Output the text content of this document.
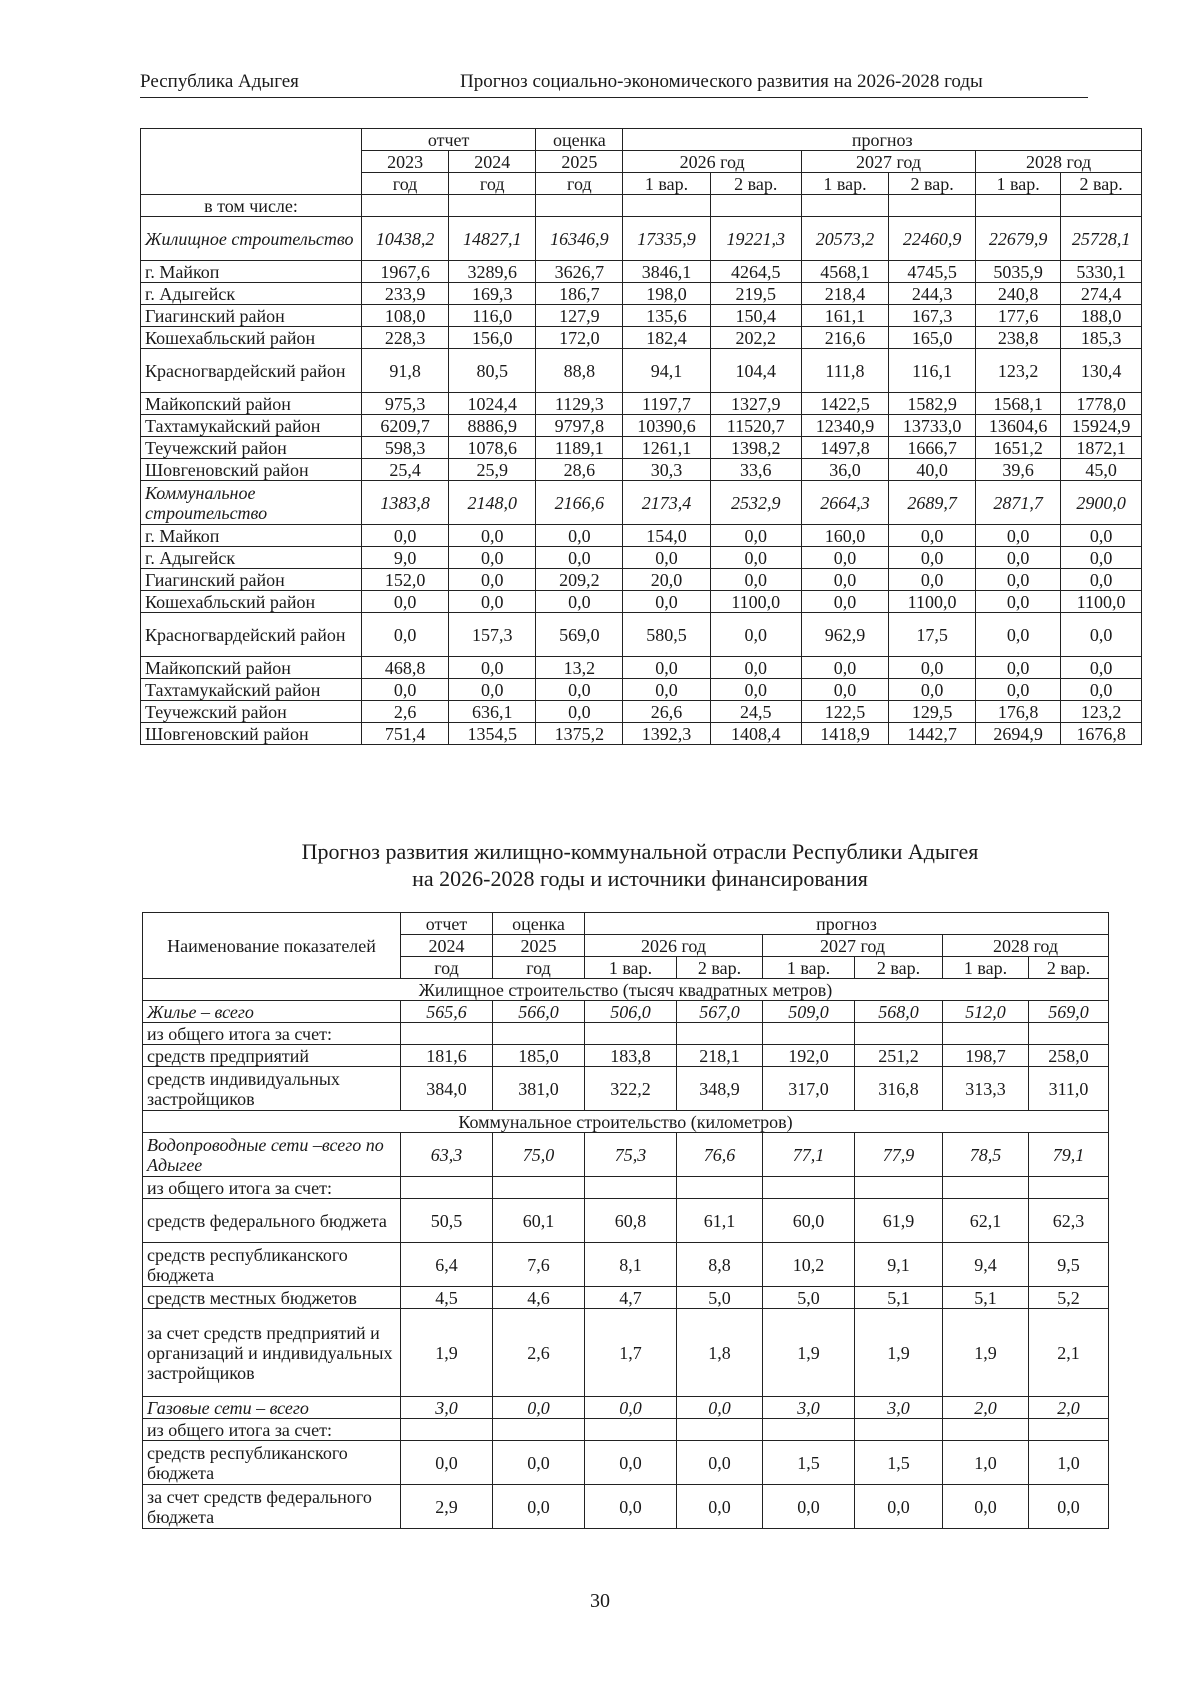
Республика Адыгея	Прогноз социально-экономического развития на 2026-2028 годы
	отчет		оценка	прогноз					
	2023	2024	2025	2026 год		2027 год		2028 год	
	год	год	год	1 вар.	2 вар.	1 вар.	2 вар.	1 вар.	2 вар.
в том числе:									
Жилищное строительство	10438,2	14827,1	16346,9	17335,9	19221,3	20573,2	22460,9	22679,9	25728,1
г. Майкоп	1967,6	3289,6	3626,7	3846,1	4264,5	4568,1	4745,5	5035,9	5330,1
г. Адыгейск	233,9	169,3	186,7	198,0	219,5	218,4	244,3	240,8	274,4
Гиагинский район	108,0	116,0	127,9	135,6	150,4	161,1	167,3	177,6	188,0
Кошехабльский район	228,3	156,0	172,0	182,4	202,2	216,6	165,0	238,8	185,3
Красногвардейский район	91,8	80,5	88,8	94,1	104,4	111,8	116,1	123,2	130,4
Майкопский район	975,3	1024,4	1129,3	1197,7	1327,9	1422,5	1582,9	1568,1	1778,0
Тахтамукайский район	6209,7	8886,9	9797,8	10390,6	11520,7	12340,9	13733,0	13604,6	15924,9
Теучежский район	598,3	1078,6	1189,1	1261,1	1398,2	1497,8	1666,7	1651,2	1872,1
Шовгеновский район	25,4	25,9	28,6	30,3	33,6	36,0	40,0	39,6	45,0
Коммунальное строительство	1383,8	2148,0	2166,6	2173,4	2532,9	2664,3	2689,7	2871,7	2900,0
г. Майкоп	0,0	0,0	0,0	154,0	0,0	160,0	0,0	0,0	0,0
г. Адыгейск	9,0	0,0	0,0	0,0	0,0	0,0	0,0	0,0	0,0
Гиагинский район	152,0	0,0	209,2	20,0	0,0	0,0	0,0	0,0	0,0
Кошехабльский район	0,0	0,0	0,0	0,0	1100,0	0,0	1100,0	0,0	1100,0
Красногвардейский район	0,0	157,3	569,0	580,5	0,0	962,9	17,5	0,0	0,0
Майкопский район	468,8	0,0	13,2	0,0	0,0	0,0	0,0	0,0	0,0
Тахтамукайский район	0,0	0,0	0,0	0,0	0,0	0,0	0,0	0,0	0,0
Теучежский район	2,6	636,1	0,0	26,6	24,5	122,5	129,5	176,8	123,2
Шовгеновский район	751,4	1354,5	1375,2	1392,3	1408,4	1418,9	1442,7	2694,9	1676,8
Прогноз развития жилищно-коммунальной отрасли Республики Адыгея
на 2026-2028 годы и источники финансирования
Наименование показателей	отчет	оценка	прогноз					
	2024	2025	2026 год		2027 год		2028 год	
	год	год	1 вар.	2 вар.	1 вар.	2 вар.	1 вар.	2 вар.
Жилищное строительство (тысяч квадратных метров)								
Жилье – всего	565,6	566,0	506,0	567,0	509,0	568,0	512,0	569,0
из общего итога за счет:								
средств предприятий	181,6	185,0	183,8	218,1	192,0	251,2	198,7	258,0
средств индивидуальных застройщиков	384,0	381,0	322,2	348,9	317,0	316,8	313,3	311,0
Коммунальное строительство (километров)								
Водопроводные сети –всего по Адыгее	63,3	75,0	75,3	76,6	77,1	77,9	78,5	79,1
из общего итога за счет:								
средств федерального бюджета	50,5	60,1	60,8	61,1	60,0	61,9	62,1	62,3
средств республиканского бюджета	6,4	7,6	8,1	8,8	10,2	9,1	9,4	9,5
средств местных бюджетов	4,5	4,6	4,7	5,0	5,0	5,1	5,1	5,2
за счет средств предприятий и организаций и индивидуальных застройщиков	1,9	2,6	1,7	1,8	1,9	1,9	1,9	2,1
Газовые сети – всего	3,0	0,0	0,0	0,0	3,0	3,0	2,0	2,0
из общего итога за счет:								
средств республиканского бюджета	0,0	0,0	0,0	0,0	1,5	1,5	1,0	1,0
за счет средств федерального бюджета	2,9	0,0	0,0	0,0	0,0	0,0	0,0	0,0
30
